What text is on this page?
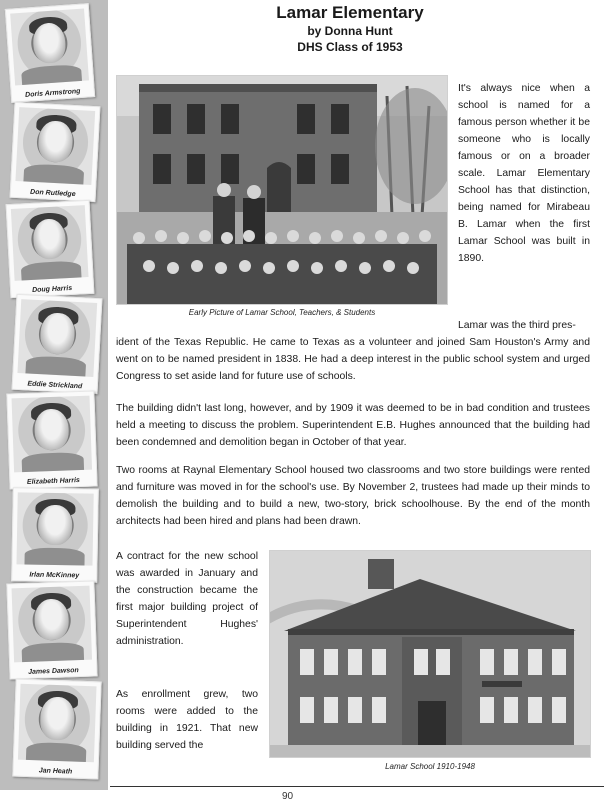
Doris Armstrong
Don Rutledge
Doug Harris
Eddie Strickland
Elizabeth Harris
Irlan McKinney
James Dawson
Jan Heath
Lamar Elementary
by Donna Hunt
DHS Class of 1953
Early Picture of Lamar School, Teachers, & Students

It's always nice when a school is named for a famous person whether it be someone who is locally famous or on a broader scale. Lamar Elementary School has that distinction, being named for Mirabeau B. Lamar when the first Lamar School was built in 1890.

Lamar was the third pres-

ident of the Texas Republic. He came to Texas as a volunteer and joined Sam Houston's Army and went on to be named president in 1838. He had a deep interest in the public school system and urged Congress to set aside land for future use of schools.

The building didn't last long, however, and by 1909 it was deemed to be in bad condition and trustees held a meeting to discuss the problem. Superintendent E.B. Hughes announced that the building had been condemned and demolition began in October of that year.

Two rooms at Raynal Elementary School housed two classrooms and two store buildings were rented and furniture was moved in for the school's use. By November 2, trustees had made up their minds to demolish the building and to build a new, two-story, brick schoolhouse. By the end of the month architects had been hired and plans had been drawn.

A contract for the new school was awarded in January and the construction became the first major building project of Superintendent Hughes' administration.

As enrollment grew, two rooms were added to the building in 1921. That new building served the

Lamar School 1910-1948
90
